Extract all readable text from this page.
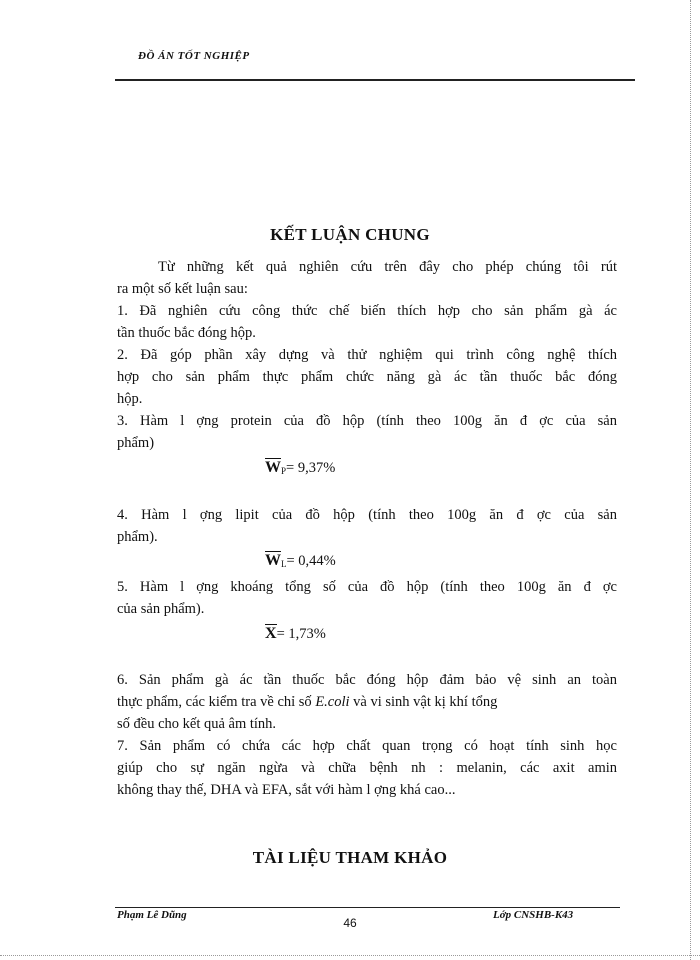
ĐỒ ÁN TỐT NGHIỆP
KẾT LUẬN CHUNG
Từ những kết quả nghiên cứu trên đây cho phép chúng tôi rút
ra một số kết luận sau:
1. Đã nghiên cứu công thức chế biến thích hợp cho sản phẩm gà ác
tần thuốc bắc đóng hộp.
2. Đã góp phần xây dựng và thử nghiệm qui trình công nghệ thích
hợp cho sản phẩm thực phẩm chức năng gà ác tần thuốc bắc đóng
hộp.
3. Hàm l ợng protein của đồ hộp (tính theo 100g ăn đ ợc của sản
phẩm)
$W_P= 9,37\%$
4. Hàm l ợng lipit của đồ hộp (tính theo 100g ăn đ ợc của sản
phẩm).
$W_L= 0,44\%$
5. Hàm l ợng khoáng tổng số của đồ hộp (tính theo 100g ăn đ ợc
của sản phẩm).
X= 1,73%
6. Sản phẩm gà ác tần thuốc bắc đóng hộp đảm bảo vệ sinh an toàn
thực phẩm, các kiểm tra về chỉ số E.coli và vi sinh vật kị khí tổng
số đều cho kết quả âm tính.
7. Sản phẩm có chứa các hợp chất quan trọng có hoạt tính sinh học
giúp cho sự ngăn ngừa và chữa bệnh nh : melanin, các axit amin
không thay thế, DHA và EFA, sắt với hàm l ợng khá cao...
TÀI LIỆU THAM KHẢO
Phạm Lê Dũng
46
Lớp CNSHB-K43
